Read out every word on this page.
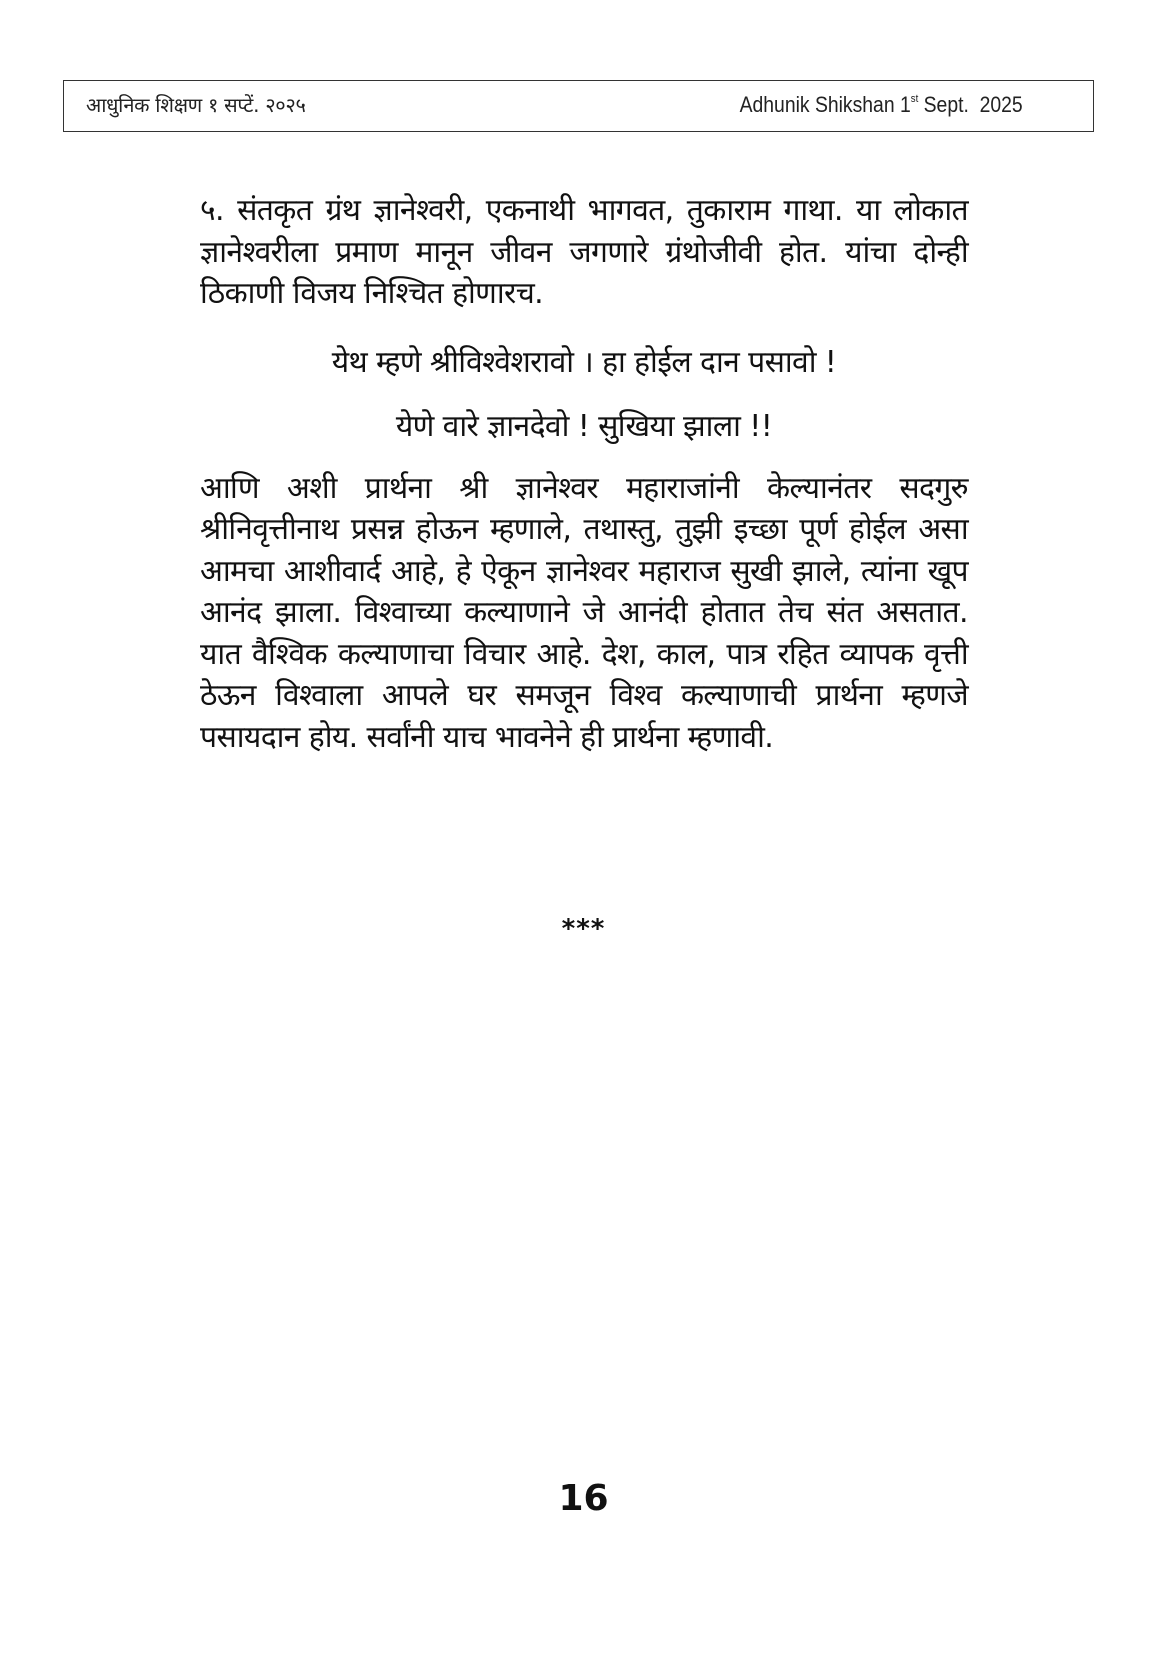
आधुनिक शिक्षण १ सप्टें. २०२५	Adhunik Shikshan 1st Sept.  2025

५. संतकृत ग्रंथ ज्ञानेश्वरी, एकनाथी भागवत, तुकाराम गाथा. या लोकात ज्ञानेश्वरीला प्रमाण मानून जीवन जगणारे ग्रंथोजीवी होत. यांचा दोन्ही ठिकाणी विजय निश्चित होणारच.

येथ म्हणे श्रीविश्वेशरावो । हा होईल दान पसावो !

येणे वारे ज्ञानदेवो ! सुखिया झाला !!

आणि अशी प्रार्थना श्री ज्ञानेश्वर महाराजांनी केल्यानंतर सदगुरु श्रीनिवृत्तीनाथ प्रसन्न होऊन म्हणाले, तथास्तु, तुझी इच्छा पूर्ण होईल असा आमचा आशीवार्द आहे, हे ऐकून ज्ञानेश्वर महाराज सुखी झाले, त्यांना खूप आनंद झाला. विश्वाच्या कल्याणाने जे आनंदी होतात तेच संत असतात. यात वैश्विक कल्याणाचा विचार आहे. देश, काल, पात्र रहित व्यापक वृत्ती ठेऊन विश्वाला आपले घर समजून विश्व कल्याणाची प्रार्थना म्हणजे पसायदान होय. सर्वांनी याच भावनेने ही प्रार्थना म्हणावी.

***
16
